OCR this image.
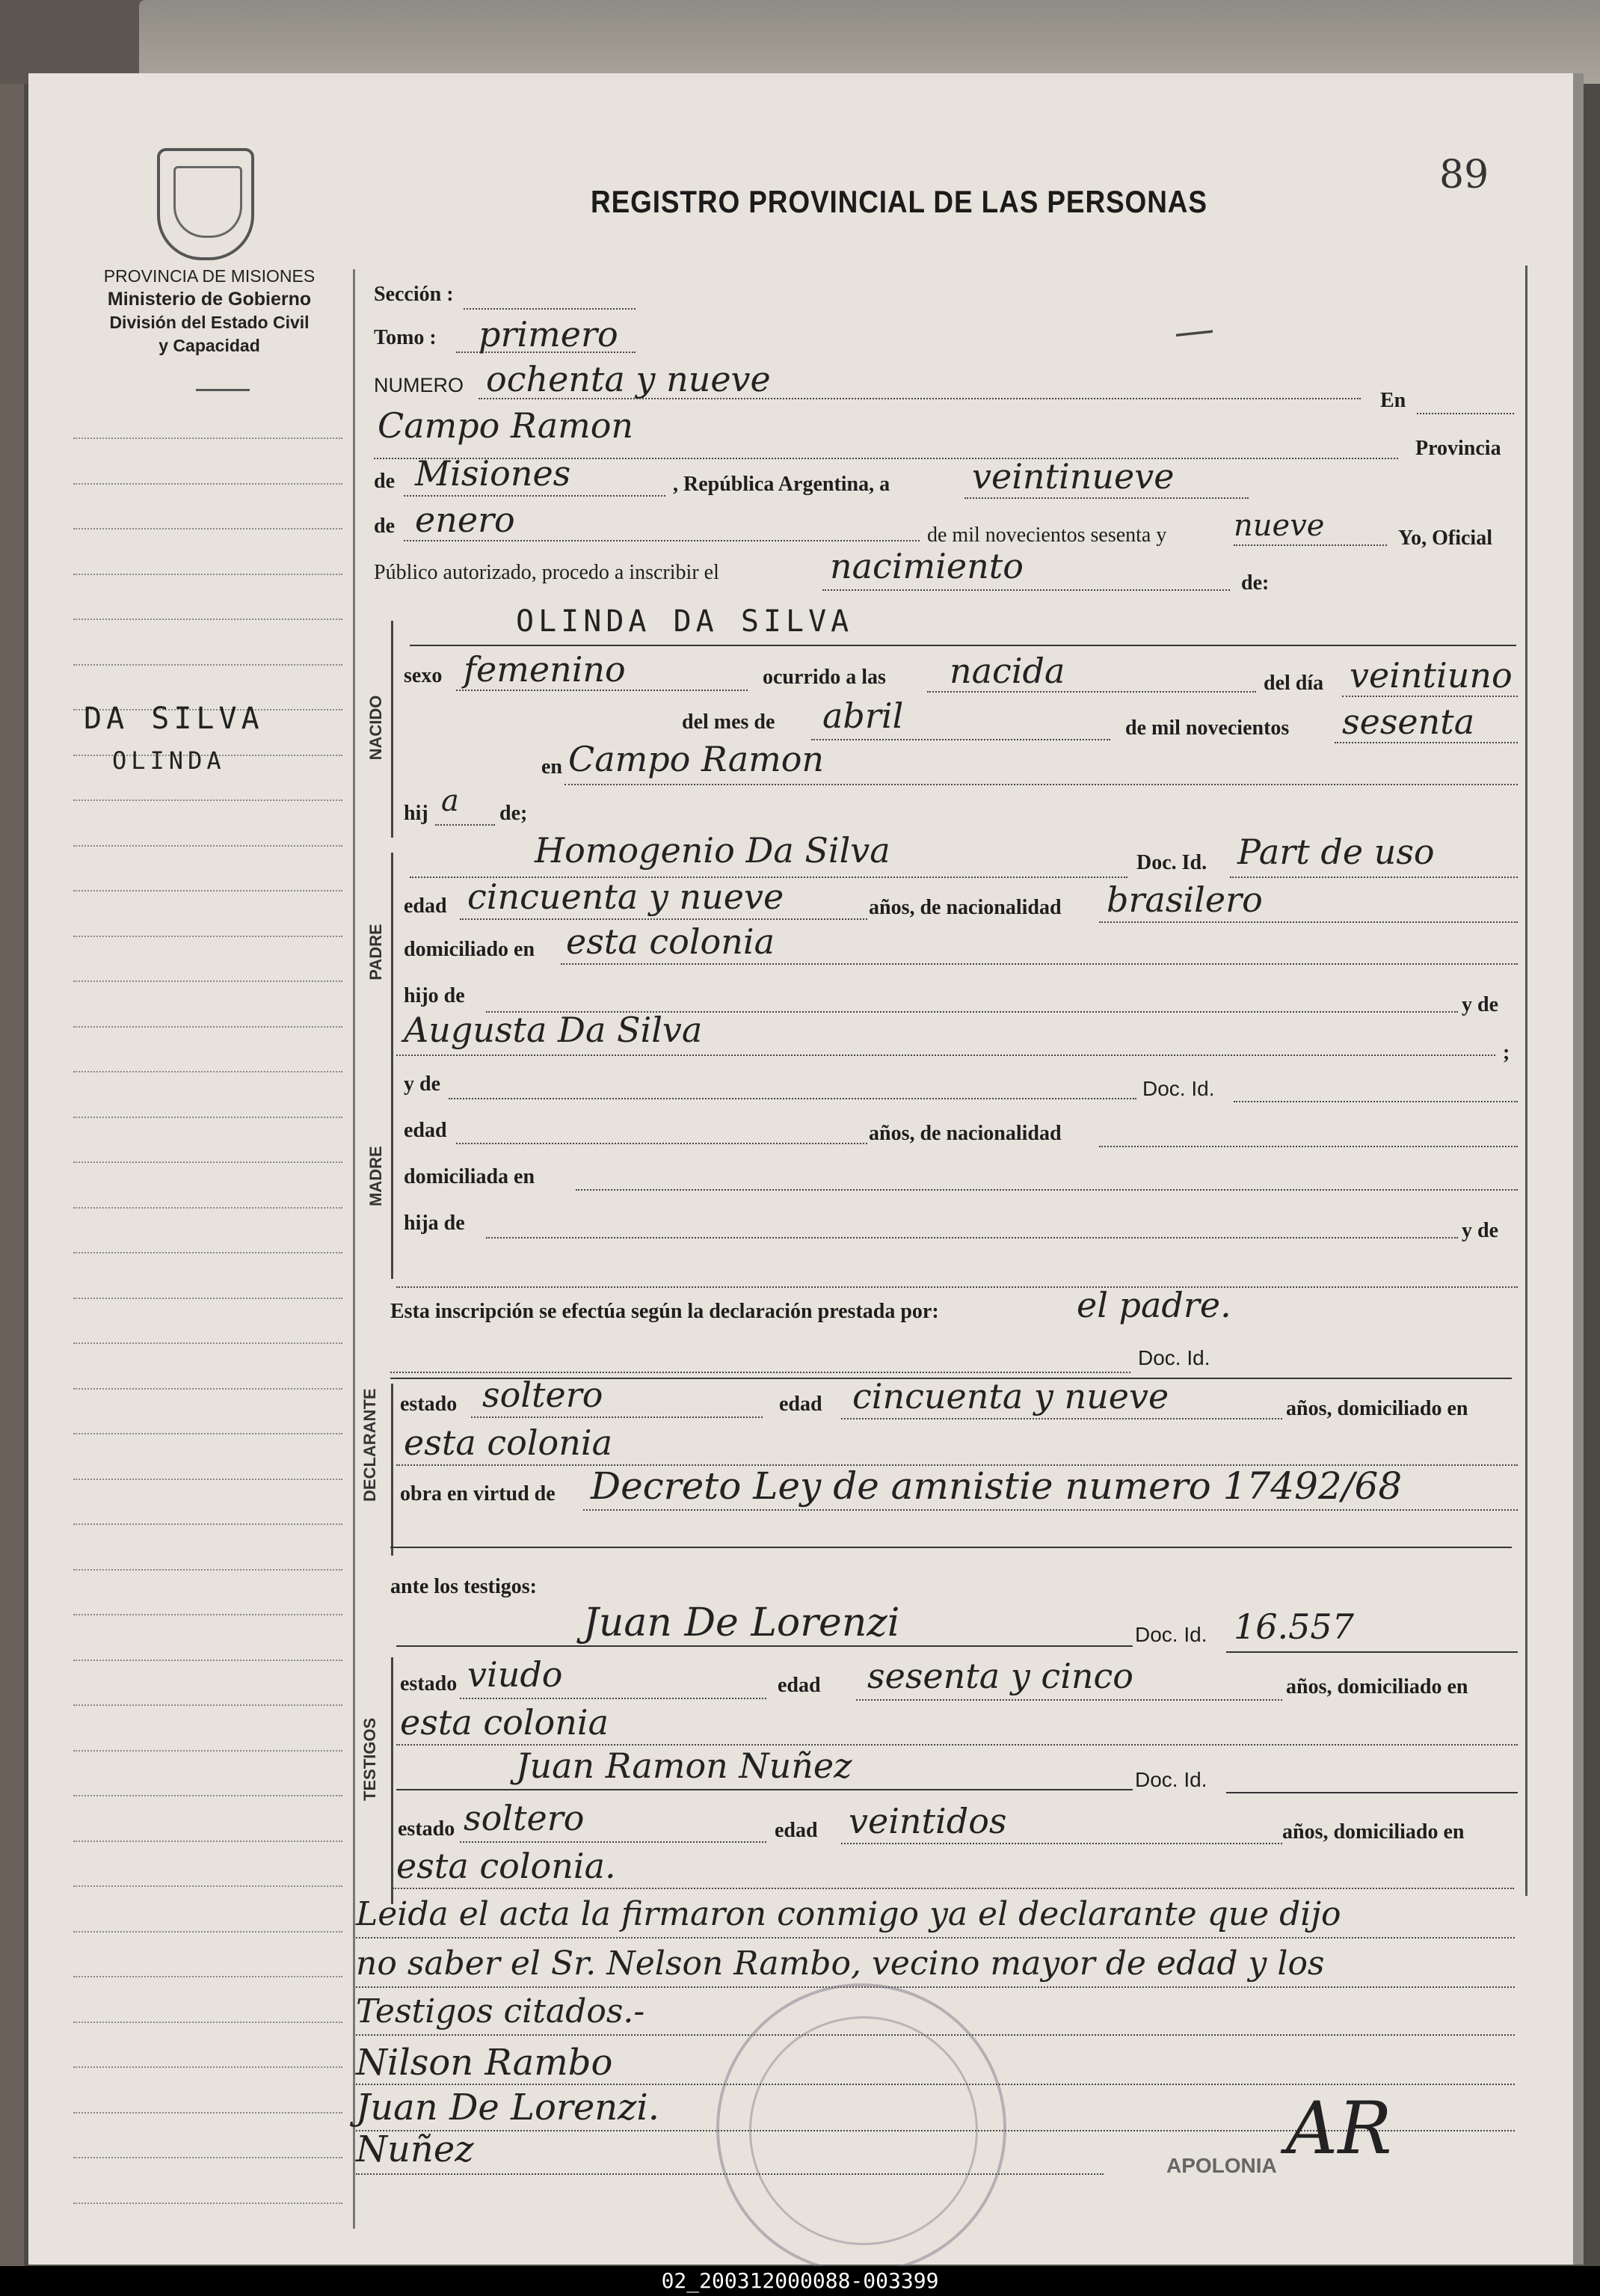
PROVINCIA DE MISIONES
Ministerio de Gobierno
División del Estado Civil
y Capacidad
REGISTRO PROVINCIAL DE LAS PERSONAS
89
—
DA SILVA
OLINDA
Sección :
Tomo : primero
NUMERO ochenta y nueve
En
Campo Ramon
Provincia
de Misiones	, República Argentina, a veintinueve
de enero	de mil novecientos sesenta y nueve	Yo, Oficial
Público autorizado, procedo a inscribir el	nacimiento	de:
OLINDA DA SILVA
NACIDO
sexo femenino	ocurrido a las nacida	del día veintiuno
del mes de abril	de mil novecientos sesenta
en Campo Ramon
hij a de;
PADRE
Homogenio Da Silva	Doc. Id. Part de uso
edad cincuenta y nueve	años, de nacionalidad brasilero
domiciliado en esta colonia
hijo de	y de
Augusta Da Silva
;
y de	Doc. Id.
MADRE
edad	años, de nacionalidad
domiciliada en
hija de	y de
Esta inscripción se efectúa según la declaración prestada por:	el padre.
Doc. Id.
DECLARANTE estado soltero	edad cincuenta y nueve	años, domiciliado en
esta colonia
obra en virtud de Decreto Ley de amnistie numero 17492/68
ante los testigos:
Juan De Lorenzi	Doc. Id. 16.557
TESTIGOS
estado viudo	edad sesenta y cinco	años, domiciliado en
esta colonia
Juan Ramon Nuñez	Doc. Id.
estado soltero	edad veintidos	años, domiciliado en
esta colonia.
Leida el acta la firmaron conmigo ya el declarante que dijo
no saber el Sr. Nelson Rambo, vecino mayor de edad y los
Testigos citados.-
Nilson Rambo
Juan De Lorenzi.
Nuñez	APOLONIA AR
02_200312000088-003399
